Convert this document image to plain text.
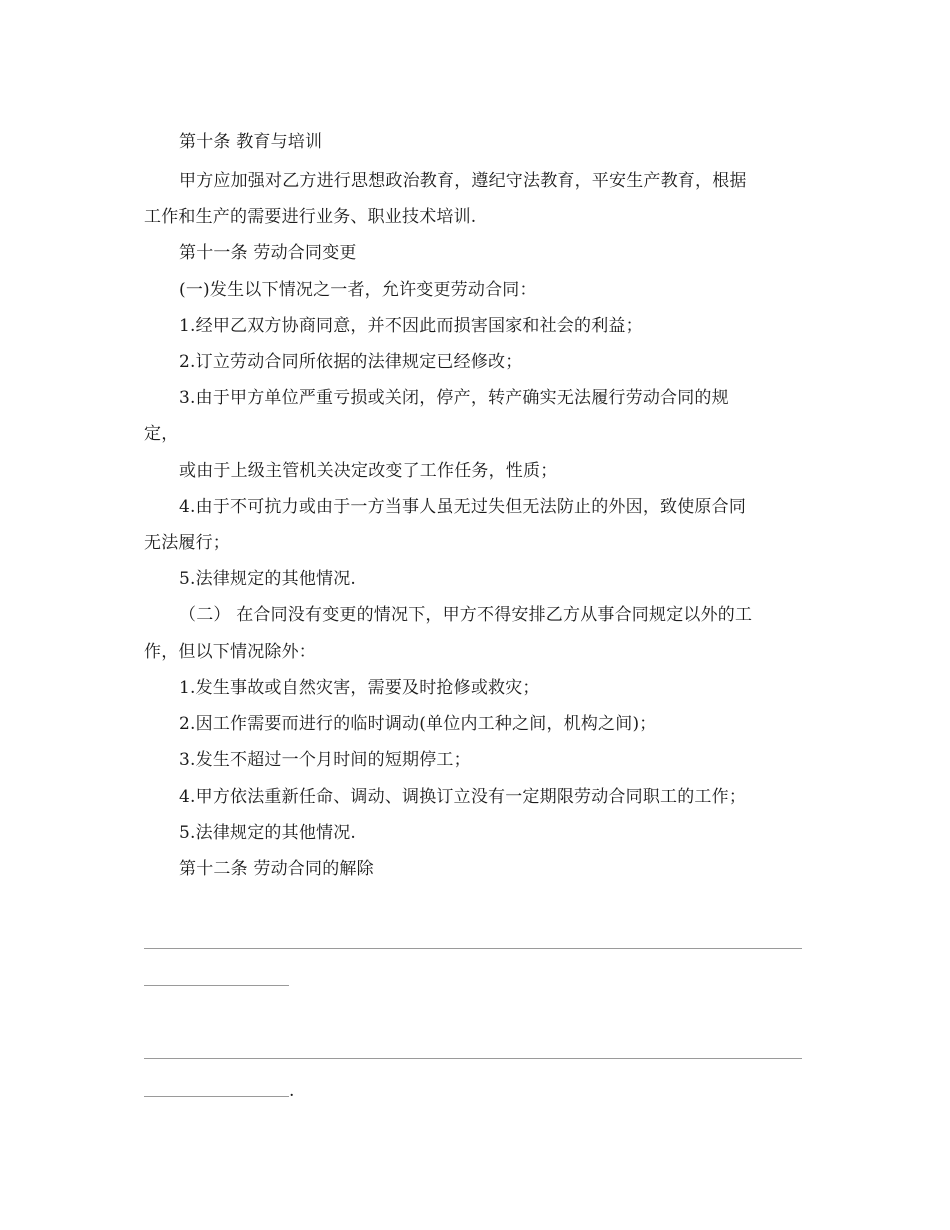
第十条 教育与培训
甲方应加强对乙方进行思想政治教育，遵纪守法教育，平安生产教育，根据
工作和生产的需要进行业务、职业技术培训.
第十一条 劳动合同变更
(一)发生以下情况之一者，允许变更劳动合同：
1.经甲乙双方协商同意，并不因此而损害国家和社会的利益；
2.订立劳动合同所依据的法律规定已经修改；
3.由于甲方单位严重亏损或关闭，停产，转产确实无法履行劳动合同的规
定，
或由于上级主管机关决定改变了工作任务，性质；
4.由于不可抗力或由于一方当事人虽无过失但无法防止的外因，致使原合同
无法履行；
5.法律规定的其他情况.
（二） 在合同没有变更的情况下，甲方不得安排乙方从事合同规定以外的工
作，但以下情况除外：
1.发生事故或自然灾害，需要及时抢修或救灾；
2.因工作需要而进行的临时调动(单位内工种之间，机构之间)；
3.发生不超过一个月时间的短期停工；
4.甲方依法重新任命、调动、调换订立没有一定期限劳动合同职工的工作；
5.法律规定的其他情况.
第十二条 劳动合同的解除
.
